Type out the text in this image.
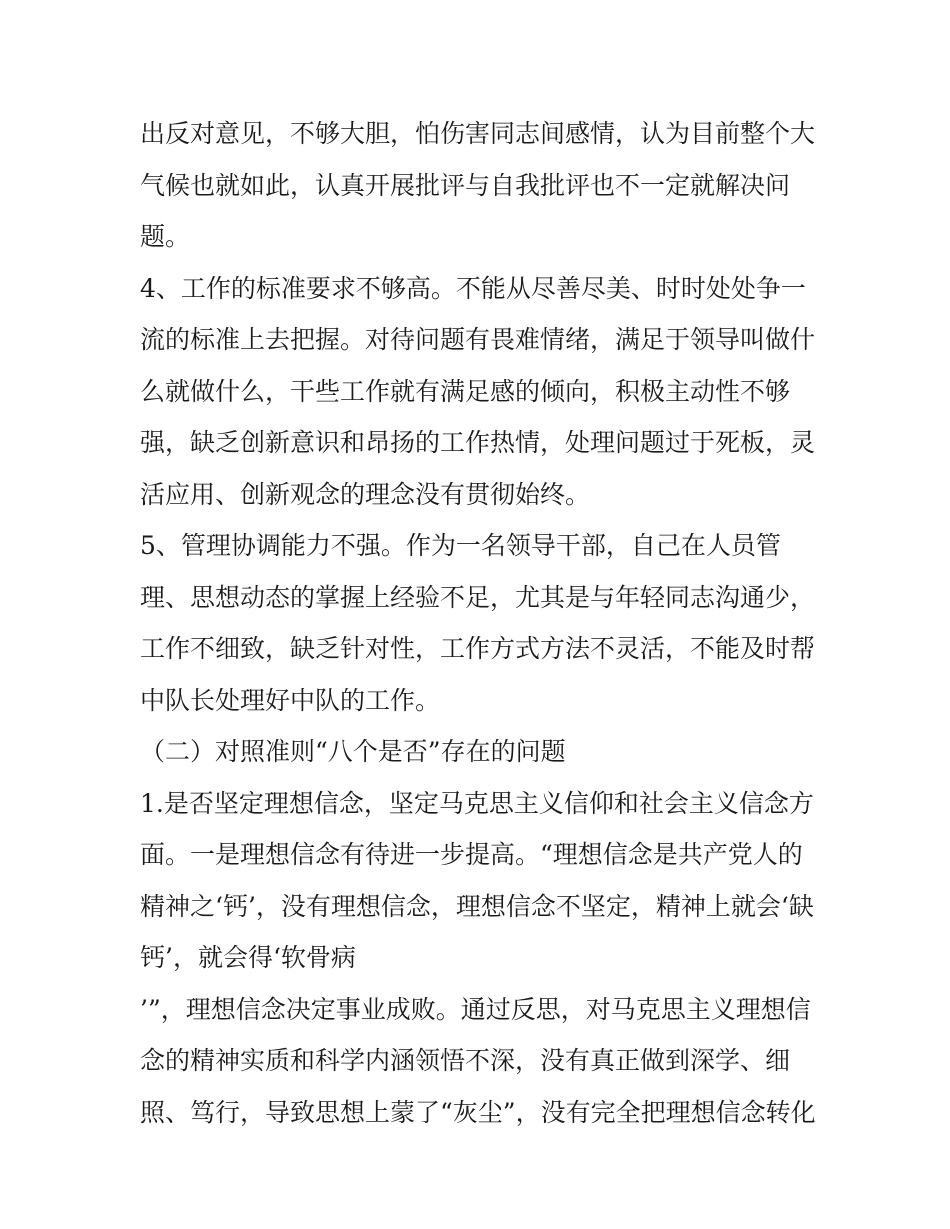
出反对意见，不够大胆，怕伤害同志间感情，认为目前整个大
气候也就如此，认真开展批评与自我批评也不一定就解决问
题。
4、工作的标准要求不够高。不能从尽善尽美、时时处处争一
流的标准上去把握。对待问题有畏难情绪，满足于领导叫做什
么就做什么，干些工作就有满足感的倾向，积极主动性不够
强，缺乏创新意识和昂扬的工作热情，处理问题过于死板，灵
活应用、创新观念的理念没有贯彻始终。
5、管理协调能力不强。作为一名领导干部，自己在人员管
理、思想动态的掌握上经验不足，尤其是与年轻同志沟通少，
工作不细致，缺乏针对性，工作方式方法不灵活，不能及时帮
中队长处理好中队的工作。
（二）对照准则“八个是否”存在的问题
1.是否坚定理想信念，坚定马克思主义信仰和社会主义信念方
面。一是理想信念有待进一步提高。“理想信念是共产党人的
精神之‘钙’，没有理想信念，理想信念不坚定，精神上就会‘缺
钙’，就会得‘软骨病
’”，理想信念决定事业成败。通过反思，对马克思主义理想信
念的精神实质和科学内涵领悟不深，没有真正做到深学、细
照、笃行，导致思想上蒙了“灰尘”，没有完全把理想信念转化
